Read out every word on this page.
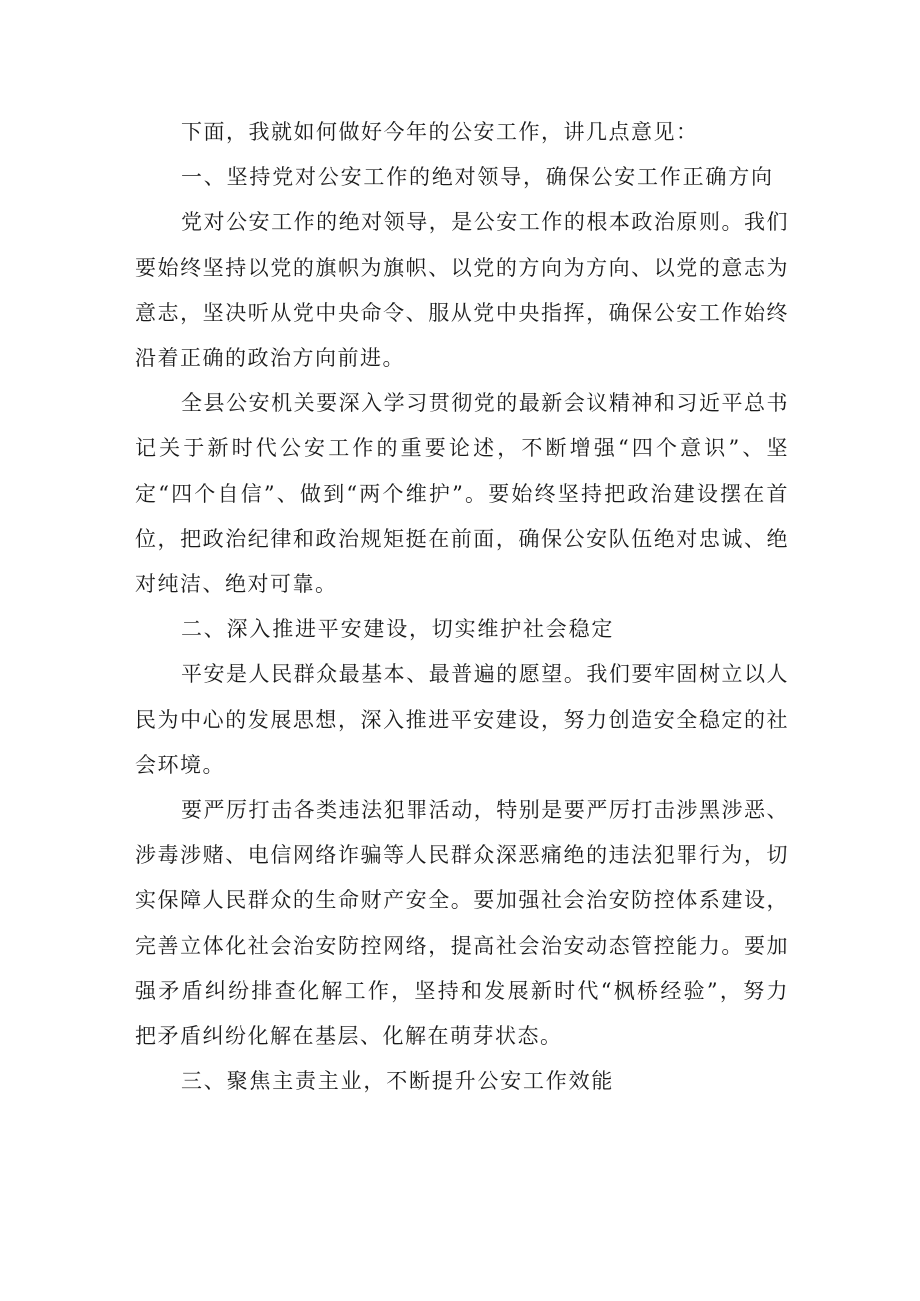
下面，我就如何做好今年的公安工作，讲几点意见：

一、坚持党对公安工作的绝对领导，确保公安工作正确方向

党对公安工作的绝对领导，是公安工作的根本政治原则。我们要始终坚持以党的旗帜为旗帜、以党的方向为方向、以党的意志为意志，坚决听从党中央命令、服从党中央指挥，确保公安工作始终沿着正确的政治方向前进。

全县公安机关要深入学习贯彻党的最新会议精神和习近平总书记关于新时代公安工作的重要论述，不断增强“四个意识”、坚定“四个自信”、做到“两个维护”。要始终坚持把政治建设摆在首位，把政治纪律和政治规矩挺在前面，确保公安队伍绝对忠诚、绝对纯洁、绝对可靠。

二、深入推进平安建设，切实维护社会稳定

平安是人民群众最基本、最普遍的愿望。我们要牢固树立以人民为中心的发展思想，深入推进平安建设，努力创造安全稳定的社会环境。

要严厉打击各类违法犯罪活动，特别是要严厉打击涉黑涉恶、涉毒涉赌、电信网络诈骗等人民群众深恶痛绝的违法犯罪行为，切实保障人民群众的生命财产安全。要加强社会治安防控体系建设，完善立体化社会治安防控网络，提高社会治安动态管控能力。要加强矛盾纠纷排查化解工作，坚持和发展新时代“枫桥经验”，努力把矛盾纠纷化解在基层、化解在萌芽状态。

三、聚焦主责主业，不断提升公安工作效能
